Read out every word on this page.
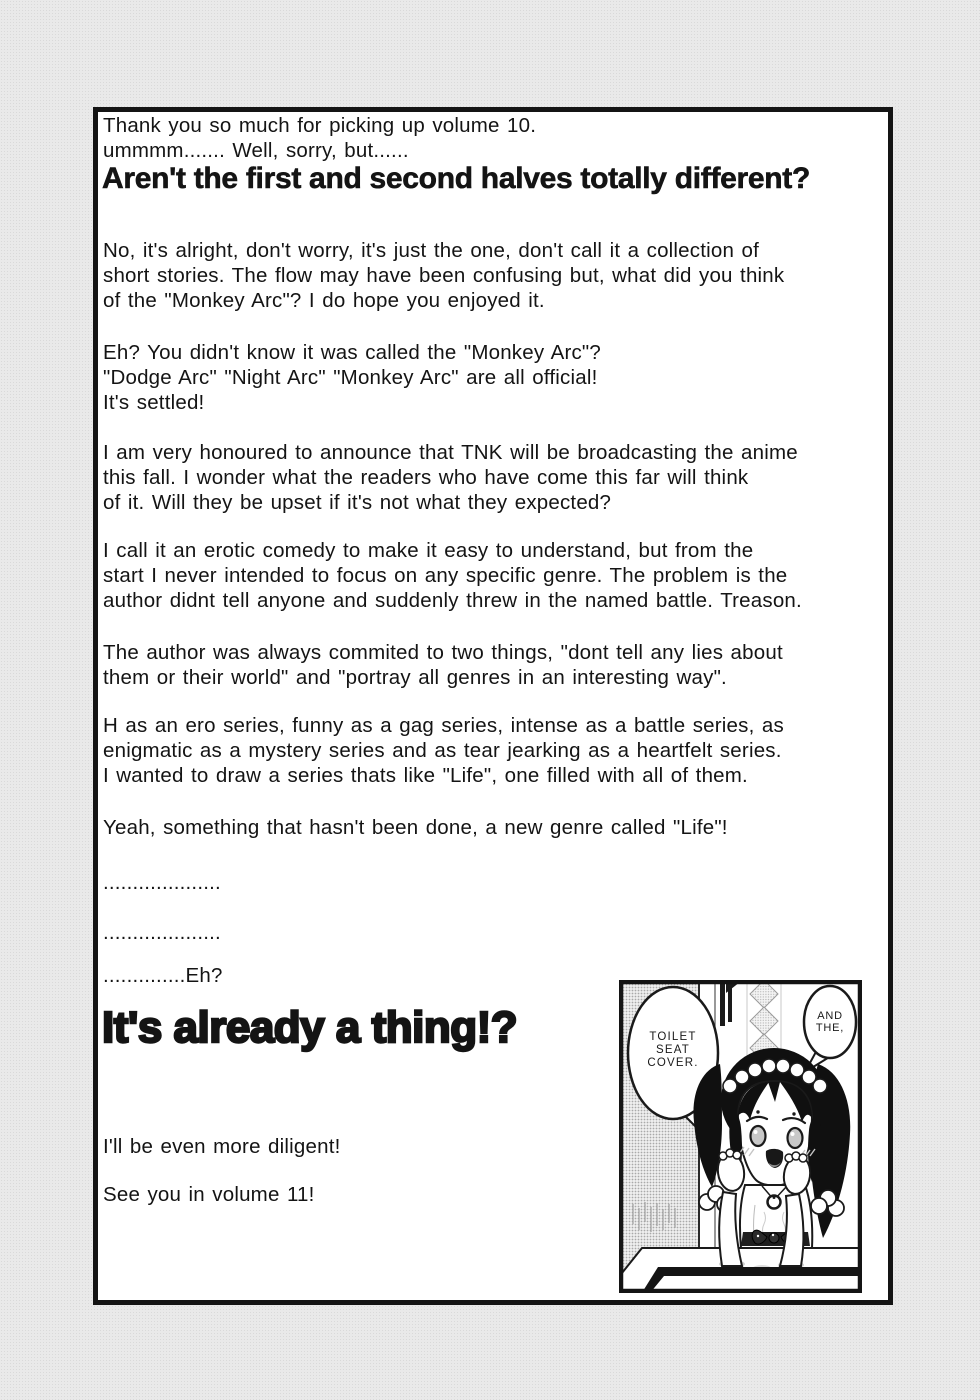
Thank you so much for picking up volume 10.
ummmm....... Well, sorry, but......
Aren't the first and second halves totally different?
No, it's alright, don't worry, it's just the one, don't call it a collection of
short stories. The flow may have been confusing but, what did you think
of the "Monkey Arc"? I do hope you enjoyed it.
Eh? You didn't know it was called the "Monkey Arc"?
"Dodge Arc" "Night Arc" "Monkey Arc" are all official!
It's settled!
I am very honoured to announce that TNK will be broadcasting the anime
this fall. I wonder what the readers who have come this far will think
of it. Will they be upset if it's not what they expected?
I call it an erotic comedy to make it easy to understand, but from the
start I never intended to focus on any specific genre. The problem is the
author didnt tell anyone and suddenly threw in the named battle. Treason.
The author was always commited to two things, "dont tell any lies about
them or their world" and "portray all genres in an interesting way".
H as an ero series, funny as a gag series, intense as a battle series, as
enigmatic as a mystery series and as tear jearking as a heartfelt series.
I wanted to draw a series thats like "Life", one filled with all of them.
Yeah, something that hasn't been done, a new genre called "Life"!
....................
....................
..............Eh?
It's already a thing!?
I'll be even more diligent!
See you in volume 11!
TOILET
SEAT
COVER.
AND
THE,
